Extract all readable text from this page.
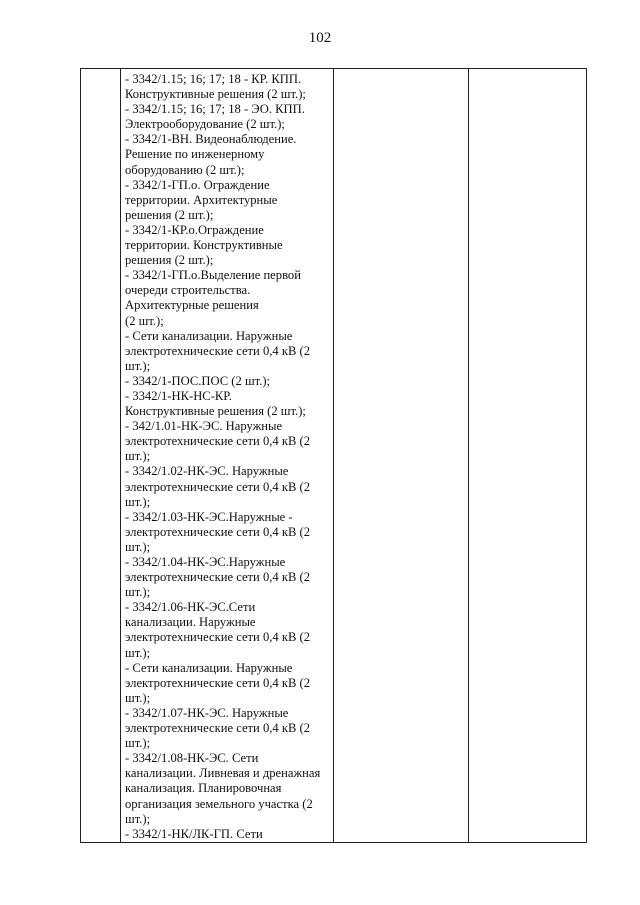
102

- 3342/1.15; 16; 17; 18 - КР. КПП.
Конструктивные решения (2 шт.);
- 3342/1.15; 16; 17; 18 - ЭО. КПП.
Электрооборудование (2 шт.);
- 3342/1-ВН. Видеонаблюдение.
Решение по инженерному
оборудованию (2 шт.);
- 3342/1-ГП.о. Ограждение
территории. Архитектурные
решения (2 шт.);
- 3342/1-КР.о.Ограждение
территории. Конструктивные
решения (2 шт.);
- 3342/1-ГП.о.Выделение первой
очереди строительства.
Архитектурные решения
(2 шт.);
- Сети канализации. Наружные
электротехнические сети 0,4 кВ (2
шт.);
- 3342/1-ПОС.ПОС (2 шт.);
- 3342/1-НК-НС-КР.
Конструктивные решения (2 шт.);
- 342/1.01-НК-ЭС. Наружные
электротехнические сети 0,4 кВ (2
шт.);
- 3342/1.02-НК-ЭС. Наружные
электротехнические сети 0,4 кВ (2
шт.);
- 3342/1.03-НК-ЭС.Наружные -
электротехнические сети 0,4 кВ (2
шт.);
- 3342/1.04-НК-ЭС.Наружные
электротехнические сети 0,4 кВ (2
шт.);
- 3342/1.06-НК-ЭС.Сети
канализации. Наружные
электротехнические сети 0,4 кВ (2
шт.);
- Сети канализации. Наружные
электротехнические сети 0,4 кВ (2
шт.);
- 3342/1.07-НК-ЭС. Наружные
электротехнические сети 0,4 кВ (2
шт.);
- 3342/1.08-НК-ЭС. Сети
канализации. Ливневая и дренажная
канализация. Планировочная
организация земельного участка (2
шт.);
- 3342/1-НК/ЛК-ГП. Сети
